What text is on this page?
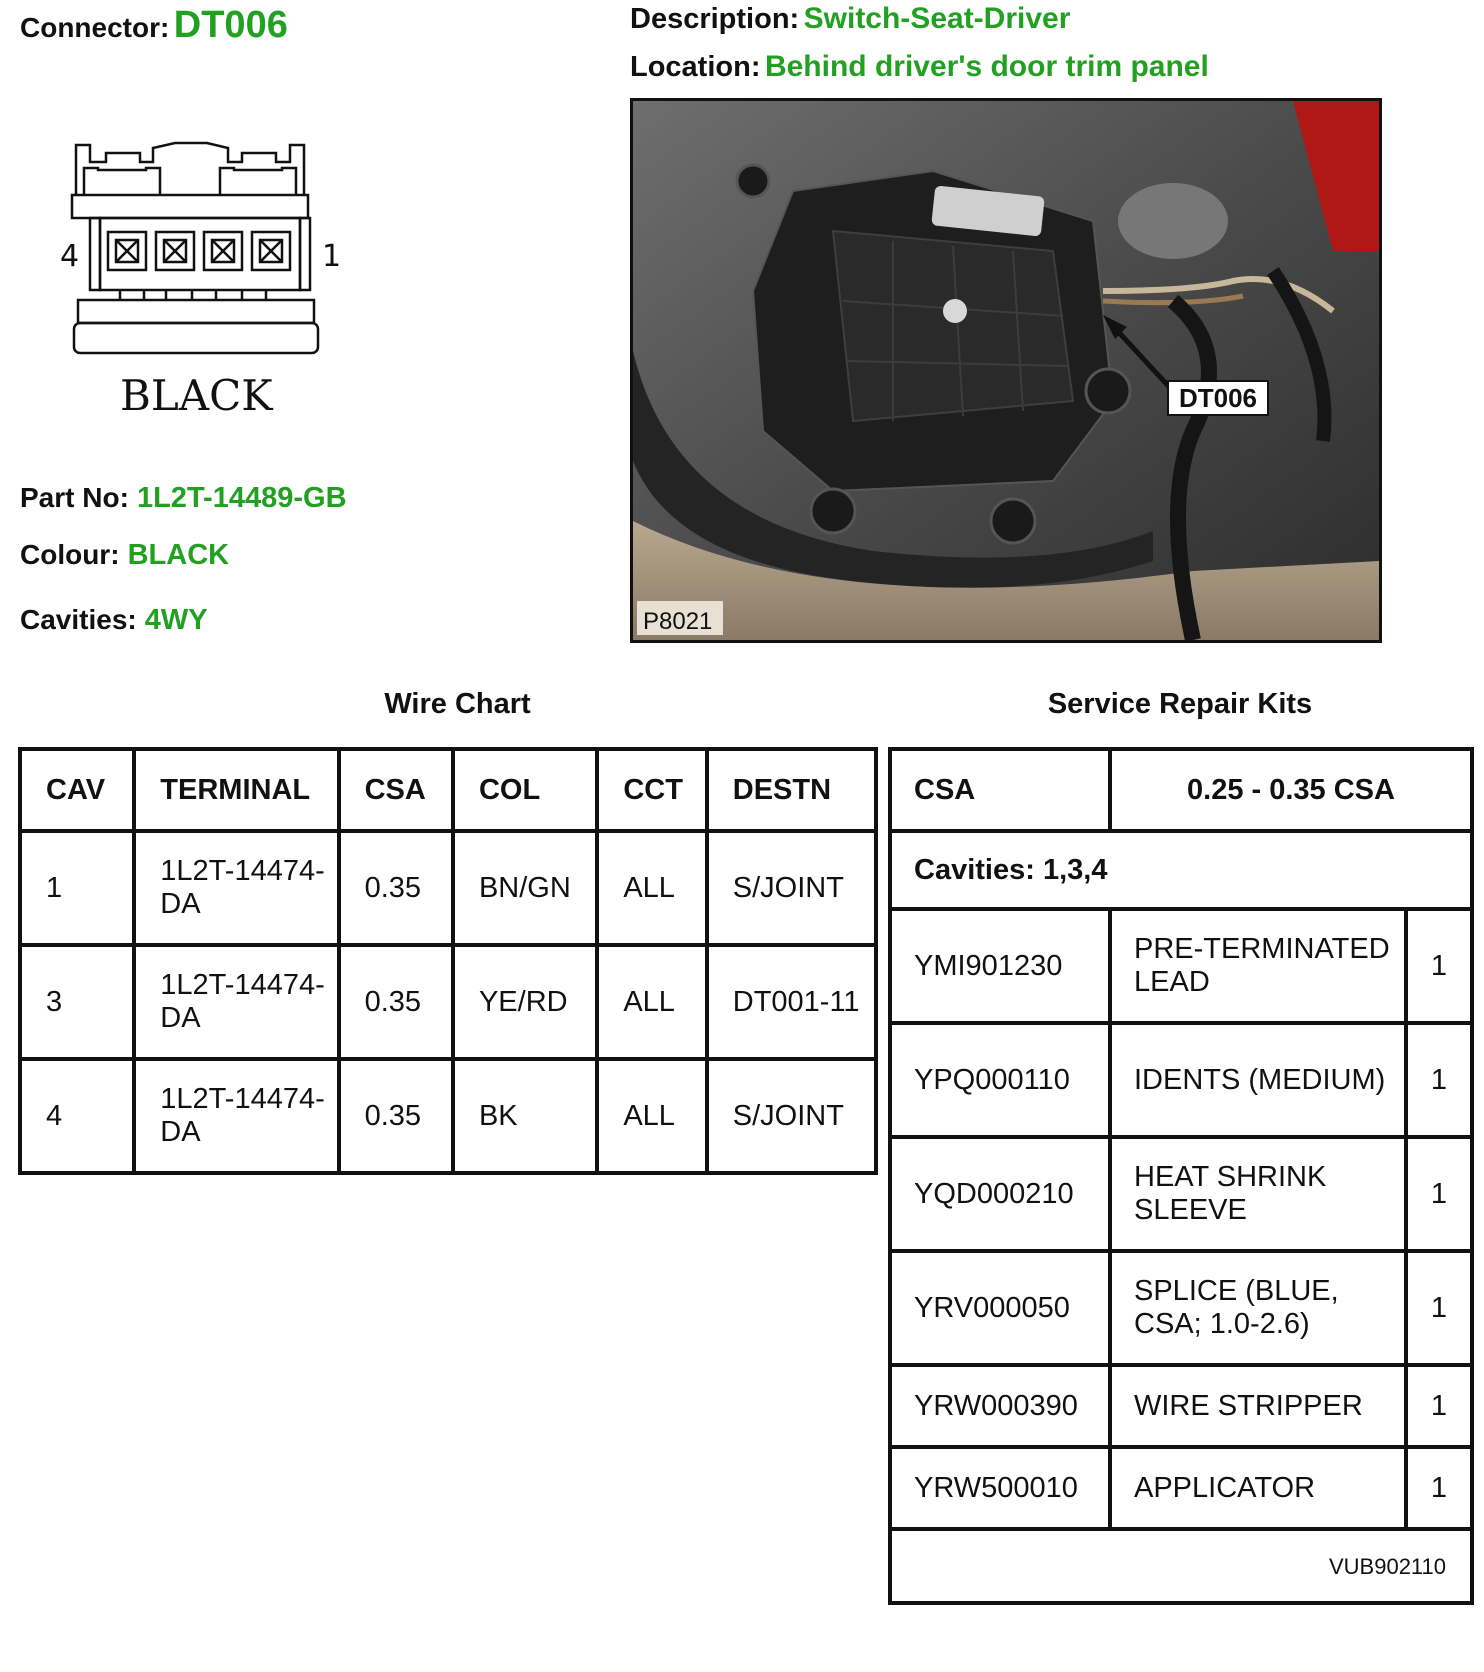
Connector: DT006	Description: Switch-Seat-Driver
Location: Behind driver's door trim panel
4	1
BLACK
Part No: 1L2T-14489-GB
Colour: BLACK
Cavities: 4WY
DT006
P8021
Wire Chart	Service Repair Kits
CAV	TERMINAL	CSA	COL	CCT	DESTN
1	1L2T-14474-DA	0.35	BN/GN	ALL	S/JOINT
3	1L2T-14474-DA	0.35	YE/RD	ALL	DT001-11
4	1L2T-14474-DA	0.35	BK	ALL	S/JOINT
CSA	0.25 - 0.35 CSA	
Cavities: 1,3,4		
YMI901230	PRE-TERMINATED LEAD	1
YPQ000110	IDENTS (MEDIUM)	1
YQD000210	HEAT SHRINK SLEEVE	1
YRV000050	SPLICE (BLUE, CSA; 1.0-2.6)	1
YRW000390	WIRE STRIPPER	1
YRW500010	APPLICATOR	1
VUB902110		
